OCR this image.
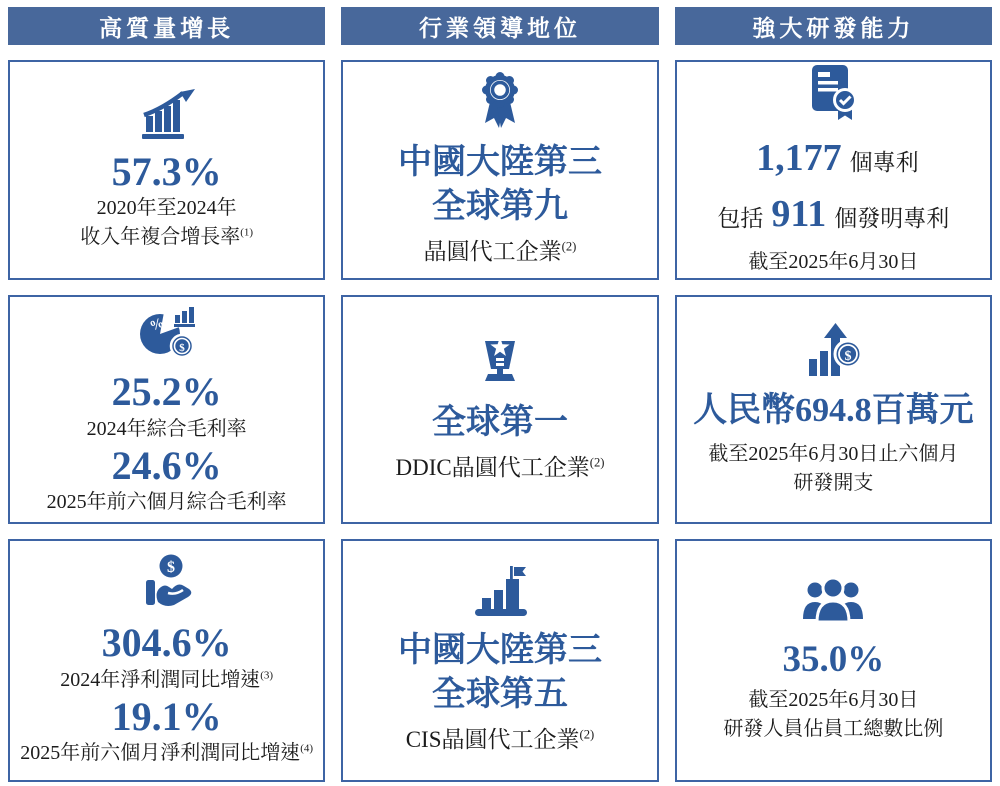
高質量增長	行業領導地位	強大研發能力
57.3%
2020年至2024年
收入年複合增長率$^{(1)}$
中國大陸第三
全球第九
晶圓代工企業$^{(2)}$
1,177 個專利
包括 911 個發明專利
截至2025年6月30日
%
$
25.2%
2024年綜合毛利率
24.6%
2025年前六個月綜合毛利率
全球第一
DDIC晶圓代工企業$^{(2)}$
$
人民幣694.8百萬元
截至2025年6月30日止六個月
研發開支
$
304.6%
2024年淨利潤同比增速$^{(3)}$
19.1%
2025年前六個月淨利潤同比增速$^{(4)}$
中國大陸第三
全球第五
CIS晶圓代工企業$^{(2)}$
35.0%
截至2025年6月30日
研發人員佔員工總數比例
